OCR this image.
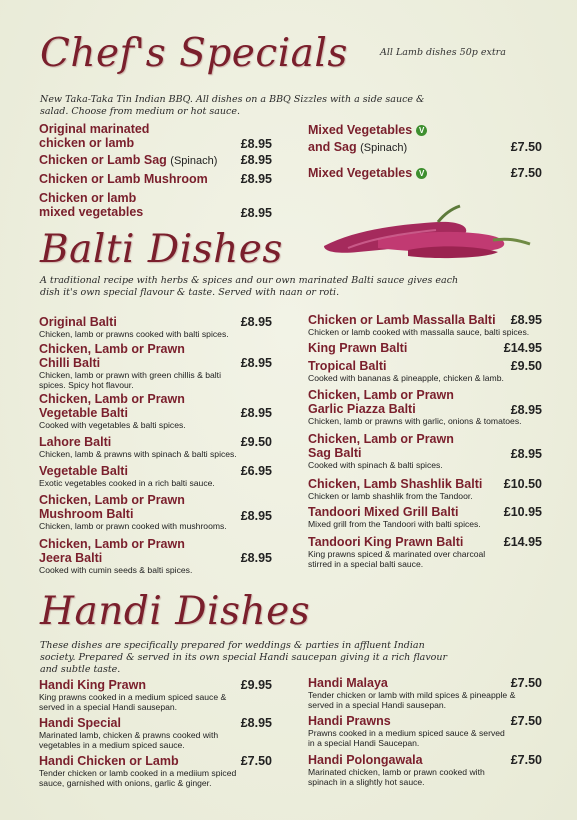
Chef's Specials	All Lamb dishes 50p extra
New Taka-Taka Tin Indian BBQ. All dishes on a BBQ Sizzles with a side sauce & salad. Choose from medium or hot sauce.
Original marinated
chicken or lamb	£8.95
Chicken or Lamb Sag (Spinach)	£8.95
Chicken or Lamb Mushroom	£8.95
Chicken or lamb
mixed vegetables	£8.95
Mixed Vegetables V
and Sag (Spinach)	£7.50
Mixed Vegetables V	£7.50
Balti Dishes
A traditional recipe with herbs & spices and our own marinated Balti sauce gives each dish it's own special flavour & taste. Served with naan or roti.
Original Balti
Chicken, lamb or prawns cooked with balti spices.
£8.95
Chicken, Lamb or Prawn
Chilli Balti
Chicken, lamb or prawn with green chillis & balti spices. Spicy hot flavour.
£8.95
Chicken, Lamb or Prawn
Vegetable Balti
Cooked with vegetables & balti spices.
£8.95
Lahore Balti
Chicken, lamb & prawns with spinach & balti spices.
£9.50
Vegetable Balti
Exotic vegetables cooked in a rich balti sauce.
£6.95
Chicken, Lamb or Prawn
Mushroom Balti
Chicken, lamb or prawn cooked with mushrooms.
£8.95
Chicken, Lamb or Prawn
Jeera Balti
Cooked with cumin seeds & balti spices.
£8.95
Chicken or Lamb Massalla Balti
Chicken or lamb cooked with massalla sauce, balti spices.
£8.95
King Prawn Balti	£14.95
Tropical Balti
Cooked with bananas & pineapple, chicken & lamb.
£9.50
Chicken, Lamb or Prawn
Garlic Piazza Balti
Chicken, lamb or prawns with garlic, onions & tomatoes.
£8.95
Chicken, Lamb or Prawn
Sag Balti
Cooked with spinach & balti spices.
£8.95
Chicken, Lamb Shashlik Balti
Chicken or lamb shashlik from the Tandoor.
£10.50
Tandoori Mixed Grill Balti
Mixed grill from the Tandoori with balti spices.
£10.95
Tandoori King Prawn Balti
King prawns spiced & marinated over charcoal stirred in a special balti sauce.
£14.95
Handi Dishes
These dishes are specifically prepared for weddings & parties in affluent Indian society. Prepared & served in its own special Handi saucepan giving it a rich flavour and subtle taste.
Handi King Prawn
King prawns cooked in a medium spiced sauce & served in a special Handi sausepan.
£9.95
Handi Special
Marinated lamb, chicken & prawns cooked with vegetables in a medium spiced sauce.
£8.95
Handi Chicken or Lamb
Tender chicken or lamb cooked in a mediium spiced sauce, garnished with onions, garlic & ginger.
£7.50
Handi Malaya
Tender chicken or lamb with mild spices & pineapple & served in a special Handi sausepan.
£7.50
Handi Prawns
Prawns cooked in a medium spiced sauce & served in a special Handi Saucepan.
£7.50
Handi Polongawala
Marinated chicken, lamb or prawn cooked with spinach in a slightly hot sauce.
£7.50
